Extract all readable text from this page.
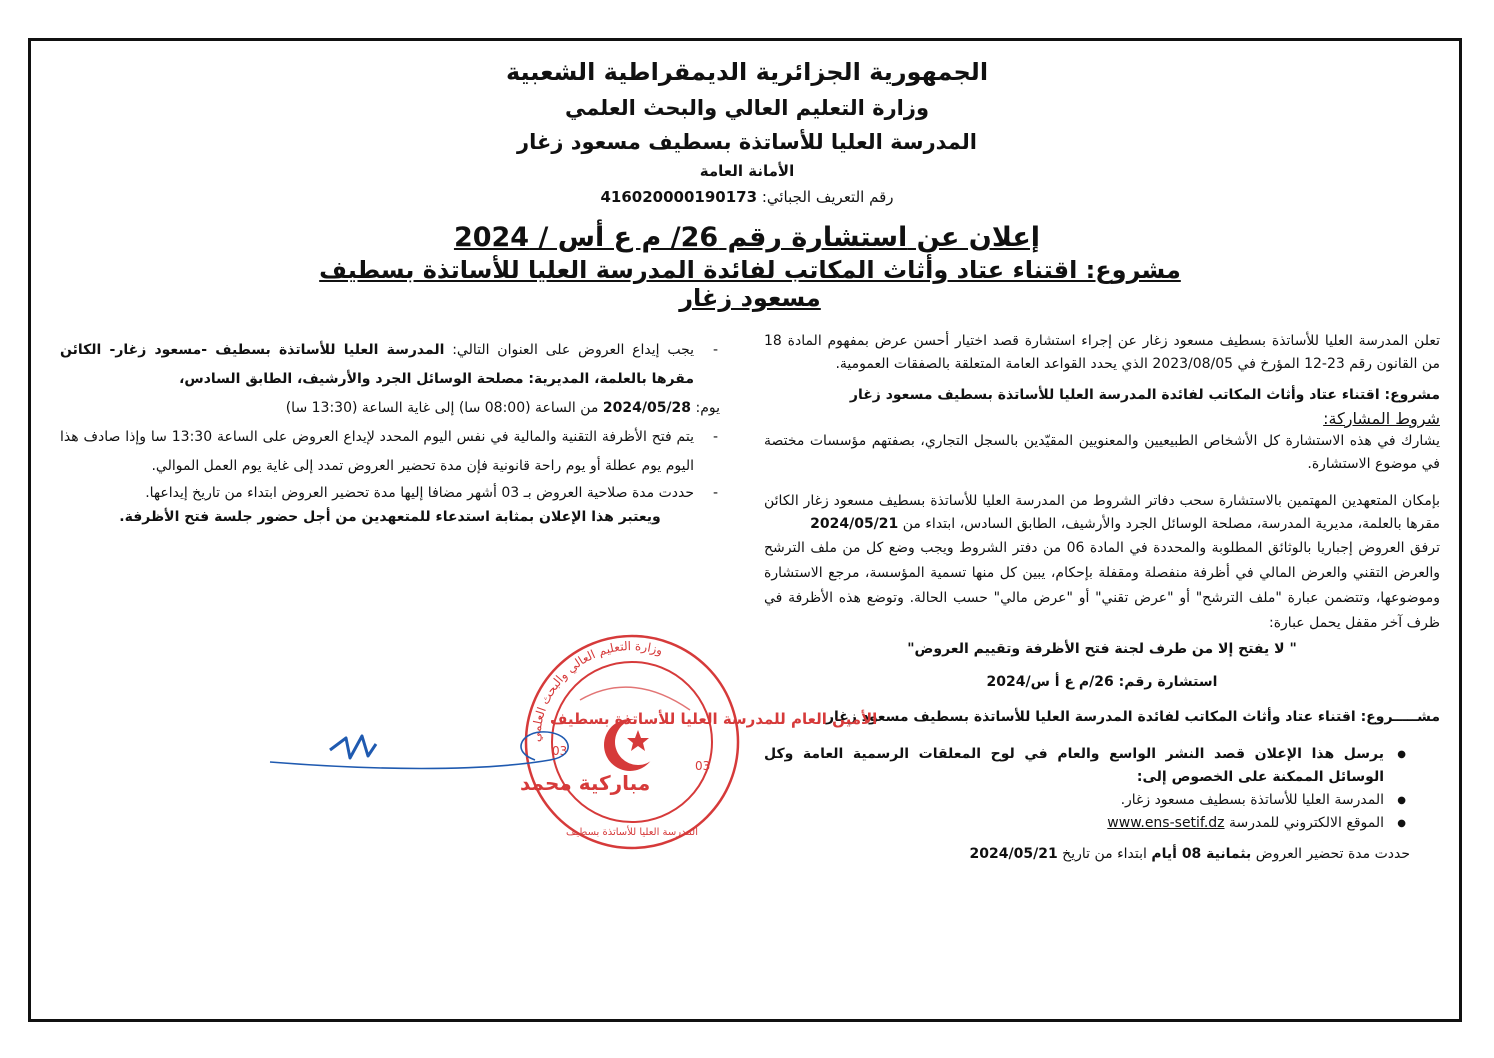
الجمهورية الجزائرية الديمقراطية الشعبية
وزارة التعليم العالي والبحث العلمي
المدرسة العليا للأساتذة بسطيف مسعود زغار
الأمانة العامة
رقم التعريف الجبائي: 416020000190173
إعلان عن استشارة رقم 26/ م ع أس / 2024
مشروع: اقتناء عتاد وأثاث المكاتب لفائدة المدرسة العليا للأساتذة بسطيف مسعود زغار

تعلن المدرسة العليا للأساتذة بسطيف مسعود زغار عن إجراء استشارة قصد اختيار أحسن عرض بمفهوم المادة 18 من القانون رقم 23-12 المؤرخ في 2023/08/05 الذي يحدد القواعد العامة المتعلقة بالصفقات العمومية.

مشروع: اقتناء عتاد وأثاث المكاتب لفائدة المدرسة العليا للأساتذة بسطيف مسعود زغار

شروط المشاركة:

يشارك في هذه الاستشارة كل الأشخاص الطبيعيين والمعنويين المقيّدين بالسجل التجاري، بصفتهم مؤسسات مختصة في موضوع الاستشارة.

بإمكان المتعهدين المهتمين بالاستشارة سحب دفاتر الشروط من المدرسة العليا للأساتذة بسطيف مسعود زغار الكائن مقرها بالعلمة، مديرية المدرسة، مصلحة الوسائل الجرد والأرشيف، الطابق السادس، ابتداء من 2024/05/21

ترفق العروض إجباريا بالوثائق المطلوبة والمحددة في المادة 06 من دفتر الشروط ويجب وضع كل من ملف الترشح والعرض التقني والعرض المالي في أظرفة منفصلة ومقفلة بإحكام، يبين كل منها تسمية المؤسسة، مرجع الاستشارة وموضوعها، وتتضمن عبارة "ملف الترشح" أو "عرض تقني" أو "عرض مالي" حسب الحالة. وتوضع هذه الأظرفة في ظرف آخر مقفل يحمل عبارة:

" لا يفتح إلا من طرف لجنة فتح الأظرفة وتقييم العروض"

استشارة رقم: 26/م ع أ س/2024

مشـــــروع: اقتناء عتاد وأثاث المكاتب لفائدة المدرسة العليا للأساتذة بسطيف مسعود زغار

● يرسل هذا الإعلان قصد النشر الواسع والعام في لوح المعلقات الرسمية العامة وكل الوسائل الممكنة على الخصوص إلى:

● المدرسة العليا للأساتذة بسطيف مسعود زغار.

● الموقع الالكتروني للمدرسة www.ens-setif.dz

حددت مدة تحضير العروض بثمانية 08 أيام ابتداء من تاريخ 2024/05/21

- يجب إيداع العروض على العنوان التالي: المدرسة العليا للأساتذة بسطيف -مسعود زغار- الكائن مقرها بالعلمة، المديرية: مصلحة الوسائل الجرد والأرشيف، الطابق السادس،

يوم: 2024/05/28 من الساعة (08:00 سا) إلى غاية الساعة (13:30 سا)

- يتم فتح الأظرفة التقنية والمالية في نفس اليوم المحدد لإيداع العروض على الساعة 13:30 سا وإذا صادف هذا اليوم يوم عطلة أو يوم راحة قانونية فإن مدة تحضير العروض تمدد إلى غاية يوم العمل الموالي.

- حددت مدة صلاحية العروض بـ 03 أشهر مضافا إليها مدة تحضير العروض ابتداء من تاريخ إيداعها.

ويعتبر هذا الإعلان بمثابة استدعاء للمتعهدين من أجل حضور جلسة فتح الأظرفة.

وزارة التعليم العالي والبحث العلمي
المدرسة العليا للأساتذة بسطيف
03
03
الأمين العام للمدرسة العليا للأساتذة بسطيف
مباركية محمد
